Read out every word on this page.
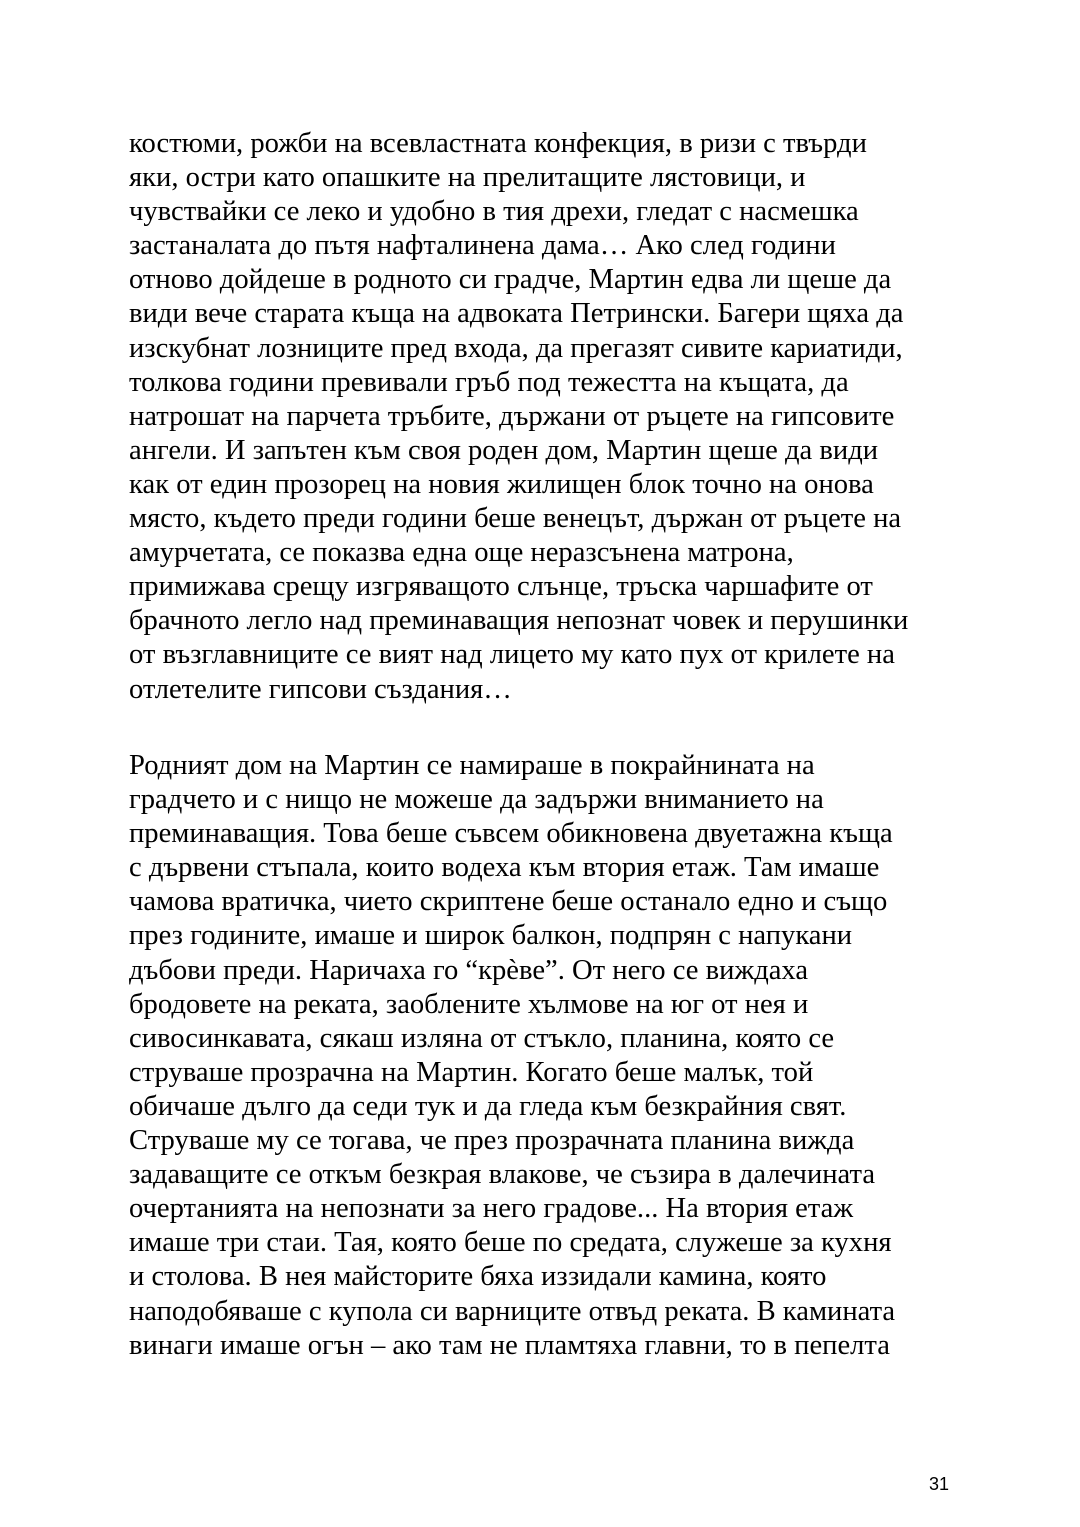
костюми, рожби на всевластната конфекция, в ризи с твърди
яки, остри като опашките на прелитащите лястовици, и
чувствайки се леко и удобно в тия дрехи, гледат с насмешка
застаналата до пътя нафталинена дама… Ако след години
отново дойдеше в родното си градче, Мартин едва ли щеше да
види вече старата къща на адвоката Петрински. Багери щяха да
изскубнат лозниците пред входа, да прегазят сивите кариатиди,
толкова години превивали гръб под тежестта на къщата, да
натрошат на парчета тръбите, държани от ръцете на гипсовите
ангели. И запътен към своя роден дом, Мартин щеше да види
как от един прозорец на новия жилищен блок точно на онова
място, където преди години беше венецът, държан от ръцете на
амурчетата, се показва една още неразсънена матрона,
примижава срещу изгряващото слънце, тръска чаршафите от
брачното легло над преминаващия непознат човек и перушинки
от възглавниците се вият над лицето му като пух от крилете на
отлетелите гипсови създания…
Родният дом на Мартин се намираше в покрайнината на
градчето и с нищо не можеше да задържи вниманието на
преминаващия. Това беше съвсем обикновена двуетажна къща
с дървени стъпала, които водеха към втория етаж. Там имаше
чамова вратичка, чието скриптене беше останало едно и също
през годините, имаше и широк балкон, подпрян с напукани
дъбови преди. Наричаха го “крѐве”. От него се виждаха
бродовете на реката, заоблените хълмове на юг от нея и
сивосинкавата, сякаш изляна от стъкло, планина, която се
струваше прозрачна на Мартин. Когато беше малък, той
обичаше дълго да седи тук и да гледа към безкрайния свят.
Струваше му се тогава, че през прозрачната планина вижда
задаващите се откъм безкрая влакове, че съзира в далечината
очертанията на непознати за него градове... На втория етаж
имаше три стаи. Тая, която беше по средата, служеше за кухня
и столова. В нея майсторите бяха иззидали камина, която
наподобяваше с купола си варниците отвъд реката. В камината
винаги имаше огън – ако там не пламтяха главни, то в пепелта
31
